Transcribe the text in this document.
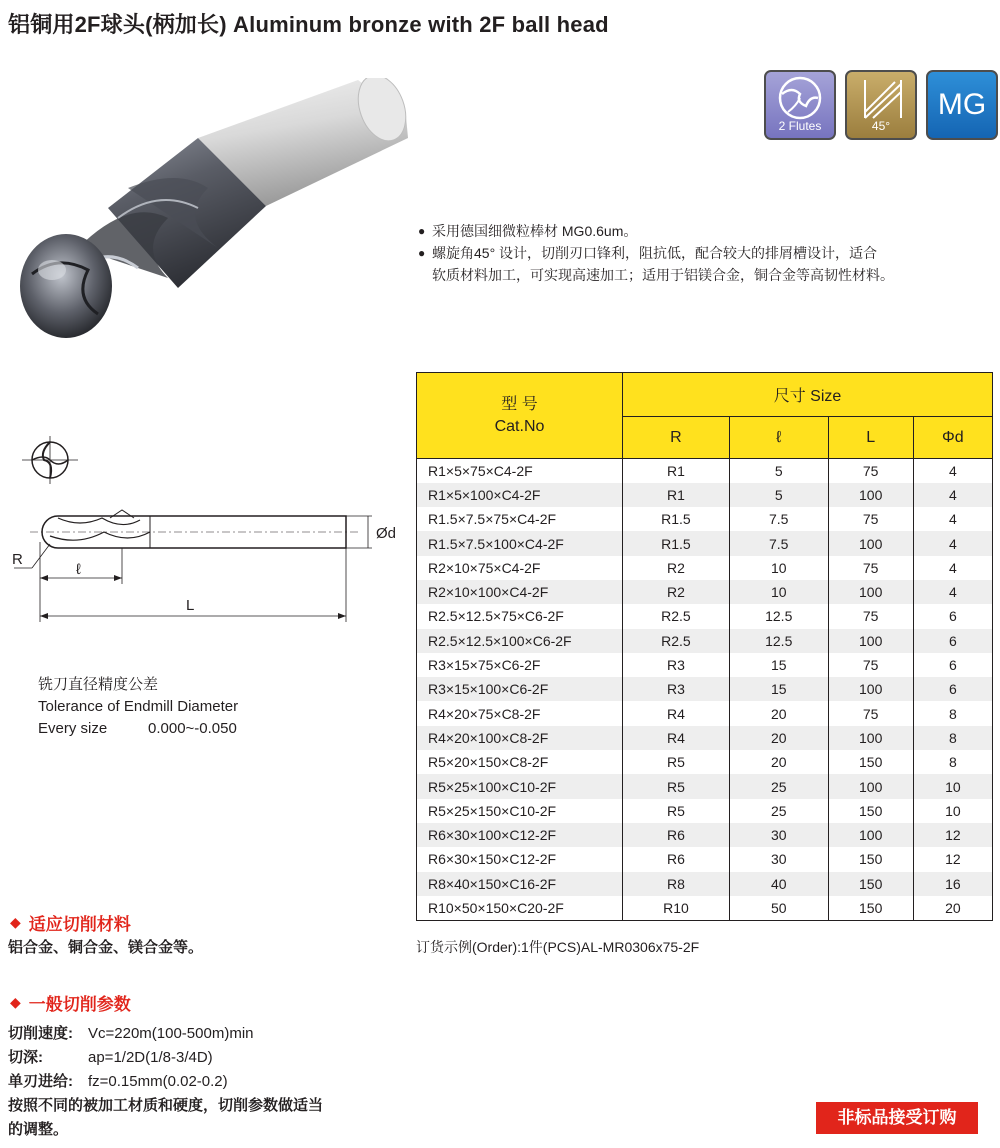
铝铜用2F球头(柄加长) Aluminum bronze with 2F ball head
2 Flutes	45°
MG
● 采用德国细微粒棒材 MG0.6um。
● 螺旋角45° 设计，切削刃口锋利，阻抗低，配合较大的排屑槽设计，适合
软质材料加工，可实现高速加工；适用于铝镁合金，铜合金等高韧性材料。
型 号
Cat.No	尺寸 Size			
	R	ℓ	L	Φd
R1×5×75×C4-2F	R1	5	75	4
R1×5×100×C4-2F	R1	5	100	4
R1.5×7.5×75×C4-2F	R1.5	7.5	75	4
R1.5×7.5×100×C4-2F	R1.5	7.5	100	4
R2×10×75×C4-2F	R2	10	75	4
R2×10×100×C4-2F	R2	10	100	4
R2.5×12.5×75×C6-2F	R2.5	12.5	75	6
R2.5×12.5×100×C6-2F	R2.5	12.5	100	6
R3×15×75×C6-2F	R3	15	75	6
R3×15×100×C6-2F	R3	15	100	6
R4×20×75×C8-2F	R4	20	75	8
R4×20×100×C8-2F	R4	20	100	8
R5×20×150×C8-2F	R5	20	150	8
R5×25×100×C10-2F	R5	25	100	10
R5×25×150×C10-2F	R5	25	150	10
R6×30×100×C12-2F	R6	30	100	12
R6×30×150×C12-2F	R6	30	150	12
R8×40×150×C16-2F	R8	40	150	16
R10×50×150×C20-2F	R10	50	150	20
订货示例(Order):1件(PCS)AL-MR0306x75-2F
Ød
R
ℓ
L
铣刀直径精度公差
Tolerance of Endmill Diameter
Every size	0.000~-0.050
◆ 适应切削材料
铝合金、铜合金、镁合金等。
◆ 一般切削参数
切削速度: Vc=220m(100-500m)min
切深:	ap=1/2D(1/8-3/4D)
单刃进给: fz=0.15mm(0.02-0.2)
按照不同的被加工材质和硬度，切削参数做适当
的调整。
非标品接受订购
